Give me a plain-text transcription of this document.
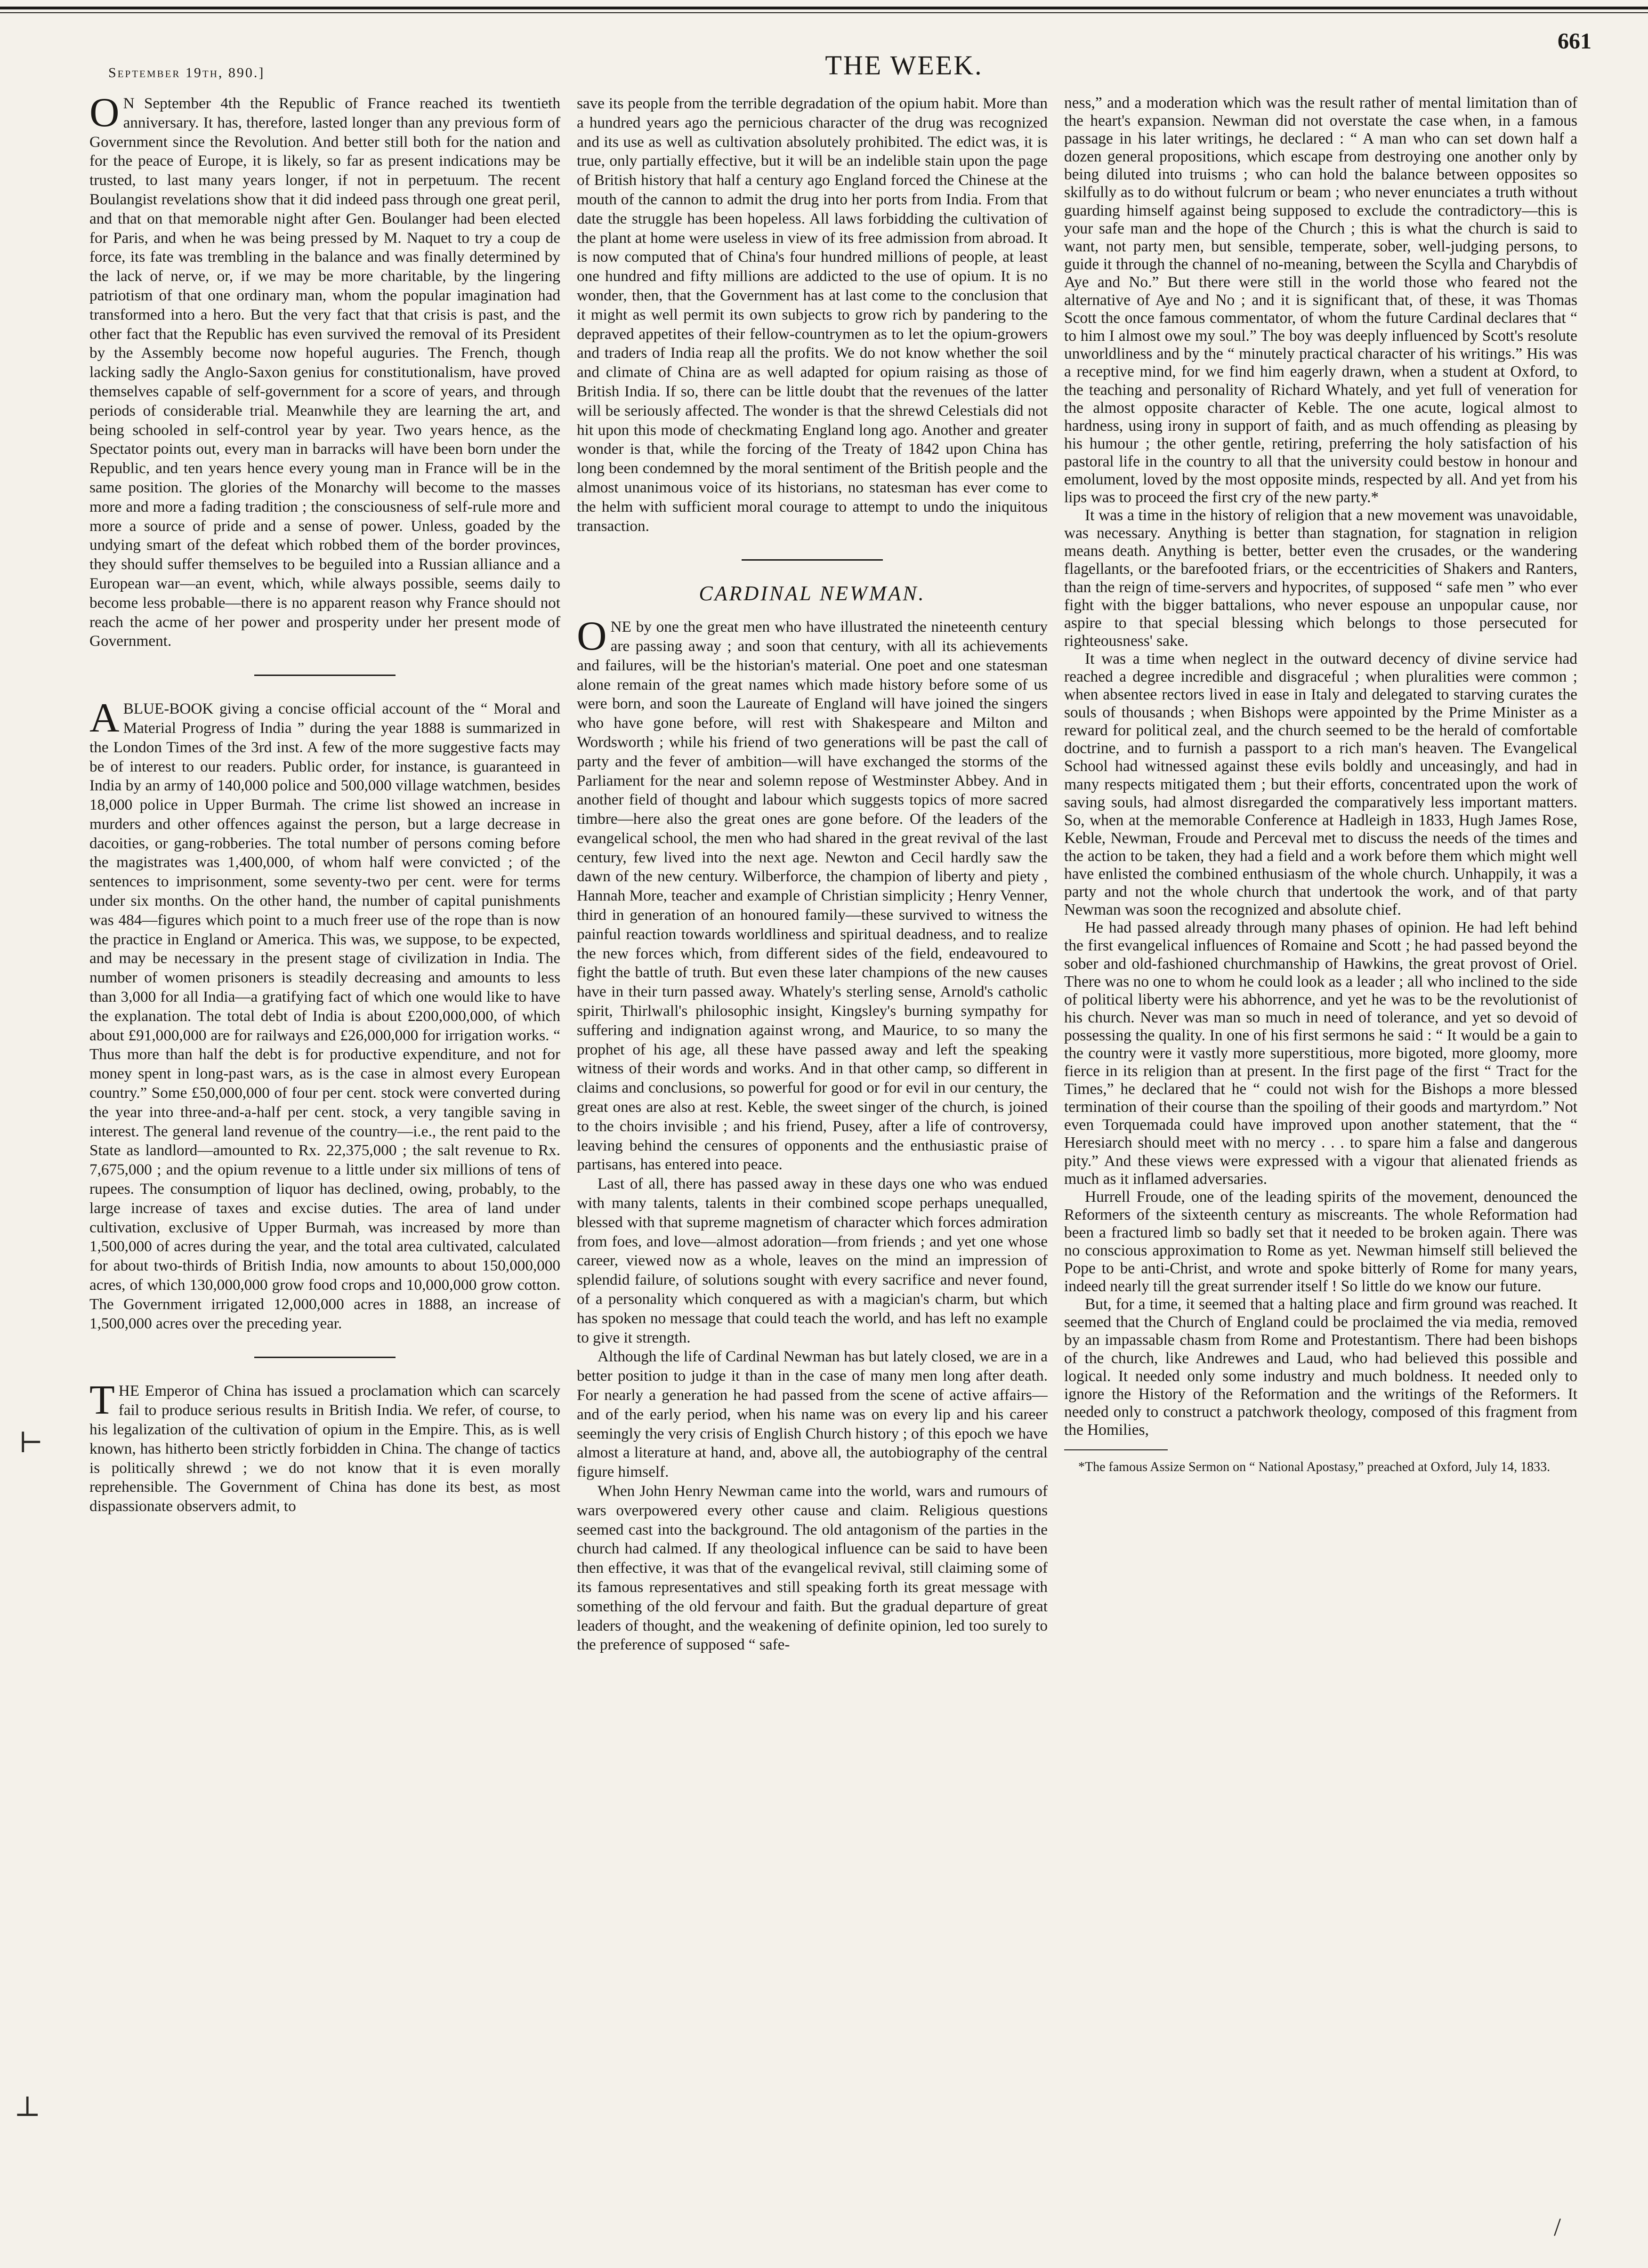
September 19th, 890.]	THE WEEK.
661

O N September 4th the Republic of France reached its twentieth anniversary. It has, therefore, lasted longer than any previous form of Government since the Revolution. And better still both for the nation and for the peace of Europe, it is likely, so far as present indications may be trusted, to last many years longer, if not in perpetuum. The recent Boulangist revelations show that it did indeed pass through one great peril, and that on that memorable night after Gen. Boulanger had been elected for Paris, and when he was being pressed by M. Naquet to try a coup de force, its fate was trembling in the balance and was finally determined by the lack of nerve, or, if we may be more charitable, by the lingering patriotism of that one ordinary man, whom the popular imagination had transformed into a hero. But the very fact that that crisis is past, and the other fact that the Republic has even survived the removal of its President by the Assembly become now hopeful auguries. The French, though lacking sadly the Anglo-Saxon genius for constitutionalism, have proved themselves capable of self-government for a score of years, and through periods of considerable trial. Meanwhile they are learning the art, and being schooled in self-control year by year. Two years hence, as the Spectator points out, every man in barracks will have been born under the Republic, and ten years hence every young man in France will be in the same position. The glories of the Monarchy will become to the masses more and more a fading tradition ; the consciousness of self-rule more and more a source of pride and a sense of power. Unless, goaded by the undying smart of the defeat which robbed them of the border provinces, they should suffer themselves to be beguiled into a Russian alliance and a European war—an event, which, while always possible, seems daily to become less probable—there is no apparent reason why France should not reach the acme of her power and prosperity under her present mode of Government.

ABLUE-BOOK giving a concise official account of the “ Moral and Material Progress of India ” during the year 1888 is summarized in the London Times of the 3rd inst. A few of the more suggestive facts may be of interest to our readers. Public order, for instance, is guaranteed in India by an army of 140,000 police and 500,000 village watchmen, besides 18,000 police in Upper Burmah. The crime list showed an increase in murders and other offences against the person, but a large decrease in dacoities, or gang-robberies. The total number of persons coming before the magistrates was 1,400,000, of whom half were convicted ; of the sentences to imprisonment, some seventy-two per cent. were for terms under six months. On the other hand, the number of capital punishments was 484—figures which point to a much freer use of the rope than is now the practice in England or America. This was, we suppose, to be expected, and may be necessary in the present stage of civilization in India. The number of women prisoners is steadily decreasing and amounts to less than 3,000 for all India—a gratifying fact of which one would like to have the explanation. The total debt of India is about £200,000,000, of which about £91,000,000 are for railways and £26,000,000 for irrigation works. “ Thus more than half the debt is for productive expenditure, and not for money spent in long-past wars, as is the case in almost every European country.” Some £50,000,000 of four per cent. stock were converted during the year into three-and-a-half per cent. stock, a very tangible saving in interest. The general land revenue of the country—i.e., the rent paid to the State as landlord—amounted to Rx. 22,375,000 ; the salt revenue to Rx. 7,675,000 ; and the opium revenue to a little under six millions of tens of rupees. The consumption of liquor has declined, owing, probably, to the large increase of taxes and excise duties. The area of land under cultivation, exclusive of Upper Burmah, was increased by more than 1,500,000 of acres during the year, and the total area cultivated, calculated for about two-thirds of British India, now amounts to about 150,000,000 acres, of which 130,000,000 grow food crops and 10,000,000 grow cotton. The Government irrigated 12,000,000 acres in 1888, an increase of 1,500,000 acres over the preceding year.

THE Emperor of China has issued a proclamation which can scarcely fail to produce serious results in British India. We refer, of course, to his legalization of the cultivation of opium in the Empire. This, as is well known, has hitherto been strictly forbidden in China. The change of tactics is politically shrewd ; we do not know that it is even morally reprehensible. The Government of China has done its best, as most dispassionate observers admit, to

save its people from the terrible degradation of the opium habit. More than a hundred years ago the pernicious character of the drug was recognized and its use as well as cultivation absolutely prohibited. The edict was, it is true, only partially effective, but it will be an indelible stain upon the page of British history that half a century ago England forced the Chinese at the mouth of the cannon to admit the drug into her ports from India. From that date the struggle has been hopeless. All laws forbidding the cultivation of the plant at home were useless in view of its free admission from abroad. It is now computed that of China's four hundred millions of people, at least one hundred and fifty millions are addicted to the use of opium. It is no wonder, then, that the Government has at last come to the conclusion that it might as well permit its own subjects to grow rich by pandering to the depraved appetites of their fellow-countrymen as to let the opium-growers and traders of India reap all the profits. We do not know whether the soil and climate of China are as well adapted for opium raising as those of British India. If so, there can be little doubt that the revenues of the latter will be seriously affected. The wonder is that the shrewd Celestials did not hit upon this mode of checkmating England long ago. Another and greater wonder is that, while the forcing of the Treaty of 1842 upon China has long been condemned by the moral sentiment of the British people and the almost unanimous voice of its historians, no statesman has ever come to the helm with sufficient moral courage to attempt to undo the iniquitous transaction.

CARDINAL NEWMAN.

ONE by one the great men who have illustrated the nineteenth century are passing away ; and soon that century, with all its achievements and failures, will be the historian's material. One poet and one statesman alone remain of the great names which made history before some of us were born, and soon the Laureate of England will have joined the singers who have gone before, will rest with Shakespeare and Milton and Wordsworth ; while his friend of two generations will be past the call of party and the fever of ambition—will have exchanged the storms of the Parliament for the near and solemn repose of Westminster Abbey. And in another field of thought and labour which suggests topics of more sacred timbre—here also the great ones are gone before. Of the leaders of the evangelical school, the men who had shared in the great revival of the last century, few lived into the next age. Newton and Cecil hardly saw the dawn of the new century. Wilberforce, the champion of liberty and piety , Hannah More, teacher and example of Christian simplicity ; Henry Venner, third in generation of an honoured family—these survived to witness the painful reaction towards worldliness and spiritual deadness, and to realize the new forces which, from different sides of the field, endeavoured to fight the battle of truth. But even these later champions of the new causes have in their turn passed away. Whately's sterling sense, Arnold's catholic spirit, Thirlwall's philosophic insight, Kingsley's burning sympathy for suffering and indignation against wrong, and Maurice, to so many the prophet of his age, all these have passed away and left the speaking witness of their words and works. And in that other camp, so different in claims and conclusions, so powerful for good or for evil in our century, the great ones are also at rest. Keble, the sweet singer of the church, is joined to the choirs invisible ; and his friend, Pusey, after a life of controversy, leaving behind the censures of opponents and the enthusiastic praise of partisans, has entered into peace.

Last of all, there has passed away in these days one who was endued with many talents, talents in their combined scope perhaps unequalled, blessed with that supreme magnetism of character which forces admiration from foes, and love—almost adoration—from friends ; and yet one whose career, viewed now as a whole, leaves on the mind an impression of splendid failure, of solutions sought with every sacrifice and never found, of a personality which conquered as with a magician's charm, but which has spoken no message that could teach the world, and has left no example to give it strength.

Although the life of Cardinal Newman has but lately closed, we are in a better position to judge it than in the case of many men long after death. For nearly a generation he had passed from the scene of active affairs—and of the early period, when his name was on every lip and his career seemingly the very crisis of English Church history ; of this epoch we have almost a literature at hand, and, above all, the autobiography of the central figure himself.

When John Henry Newman came into the world, wars and rumours of wars overpowered every other cause and claim. Religious questions seemed cast into the background. The old antagonism of the parties in the church had calmed. If any theological influence can be said to have been then effective, it was that of the evangelical revival, still claiming some of its famous representatives and still speaking forth its great message with something of the old fervour and faith. But the gradual departure of great leaders of thought, and the weakening of definite opinion, led too surely to the preference of supposed “ safe-

ness,” and a moderation which was the result rather of mental limitation than of the heart's expansion. Newman did not overstate the case when, in a famous passage in his later writings, he declared : “ A man who can set down half a dozen general propositions, which escape from destroying one another only by being diluted into truisms ; who can hold the balance between opposites so skilfully as to do without fulcrum or beam ; who never enunciates a truth without guarding himself against being supposed to exclude the contradictory—this is your safe man and the hope of the Church ; this is what the church is said to want, not party men, but sensible, temperate, sober, well-judging persons, to guide it through the channel of no-meaning, between the Scylla and Charybdis of Aye and No.” But there were still in the world those who feared not the alternative of Aye and No ; and it is significant that, of these, it was Thomas Scott the once famous commentator, of whom the future Cardinal declares that “ to him I almost owe my soul.” The boy was deeply influenced by Scott's resolute unworldliness and by the “ minutely practical character of his writings.” His was a receptive mind, for we find him eagerly drawn, when a student at Oxford, to the teaching and personality of Richard Whately, and yet full of veneration for the almost opposite character of Keble. The one acute, logical almost to hardness, using irony in support of faith, and as much offending as pleasing by his humour ; the other gentle, retiring, preferring the holy satisfaction of his pastoral life in the country to all that the university could bestow in honour and emolument, loved by the most opposite minds, respected by all. And yet from his lips was to proceed the first cry of the new party.*

It was a time in the history of religion that a new movement was unavoidable, was necessary. Anything is better than stagnation, for stagnation in religion means death. Anything is better, better even the crusades, or the wandering flagellants, or the barefooted friars, or the eccentricities of Shakers and Ranters, than the reign of time-servers and hypocrites, of supposed “ safe men ” who ever fight with the bigger battalions, who never espouse an unpopular cause, nor aspire to that special blessing which belongs to those persecuted for righteousness' sake.

It was a time when neglect in the outward decency of divine service had reached a degree incredible and disgraceful ; when pluralities were common ; when absentee rectors lived in ease in Italy and delegated to starving curates the souls of thousands ; when Bishops were appointed by the Prime Minister as a reward for political zeal, and the church seemed to be the herald of comfortable doctrine, and to furnish a passport to a rich man's heaven. The Evangelical School had witnessed against these evils boldly and unceasingly, and had in many respects mitigated them ; but their efforts, concentrated upon the work of saving souls, had almost disregarded the comparatively less important matters. So, when at the memorable Conference at Hadleigh in 1833, Hugh James Rose, Keble, Newman, Froude and Perceval met to discuss the needs of the times and the action to be taken, they had a field and a work before them which might well have enlisted the combined enthusiasm of the whole church. Unhappily, it was a party and not the whole church that undertook the work, and of that party Newman was soon the recognized and absolute chief.

He had passed already through many phases of opinion. He had left behind the first evangelical influences of Romaine and Scott ; he had passed beyond the sober and old-fashioned churchmanship of Hawkins, the great provost of Oriel. There was no one to whom he could look as a leader ; all who inclined to the side of political liberty were his abhorrence, and yet he was to be the revolutionist of his church. Never was man so much in need of tolerance, and yet so devoid of possessing the quality. In one of his first sermons he said : “ It would be a gain to the country were it vastly more superstitious, more bigoted, more gloomy, more fierce in its religion than at present. In the first page of the first “ Tract for the Times,” he declared that he “ could not wish for the Bishops a more blessed termination of their course than the spoiling of their goods and martyrdom.” Not even Torquemada could have improved upon another statement, that the “ Heresiarch should meet with no mercy . . . to spare him a false and dangerous pity.” And these views were expressed with a vigour that alienated friends as much as it inflamed adversaries.

Hurrell Froude, one of the leading spirits of the movement, denounced the Reformers of the sixteenth century as miscreants. The whole Reformation had been a fractured limb so badly set that it needed to be broken again. There was no conscious approximation to Rome as yet. Newman himself still believed the Pope to be anti-Christ, and wrote and spoke bitterly of Rome for many years, indeed nearly till the great surrender itself ! So little do we know our future.

But, for a time, it seemed that a halting place and firm ground was reached. It seemed that the Church of England could be proclaimed the via media, removed by an impassable chasm from Rome and Protestantism. There had been bishops of the church, like Andrewes and Laud, who had believed this possible and logical. It needed only some industry and much boldness. It needed only to ignore the History of the Reformation and the writings of the Reformers. It needed only to construct a patchwork theology, composed of this fragment from the Homilies,

*The famous Assize Sermon on “ National Apostasy,” preached at Oxford, July 14, 1833.

⊢
⊥
/
